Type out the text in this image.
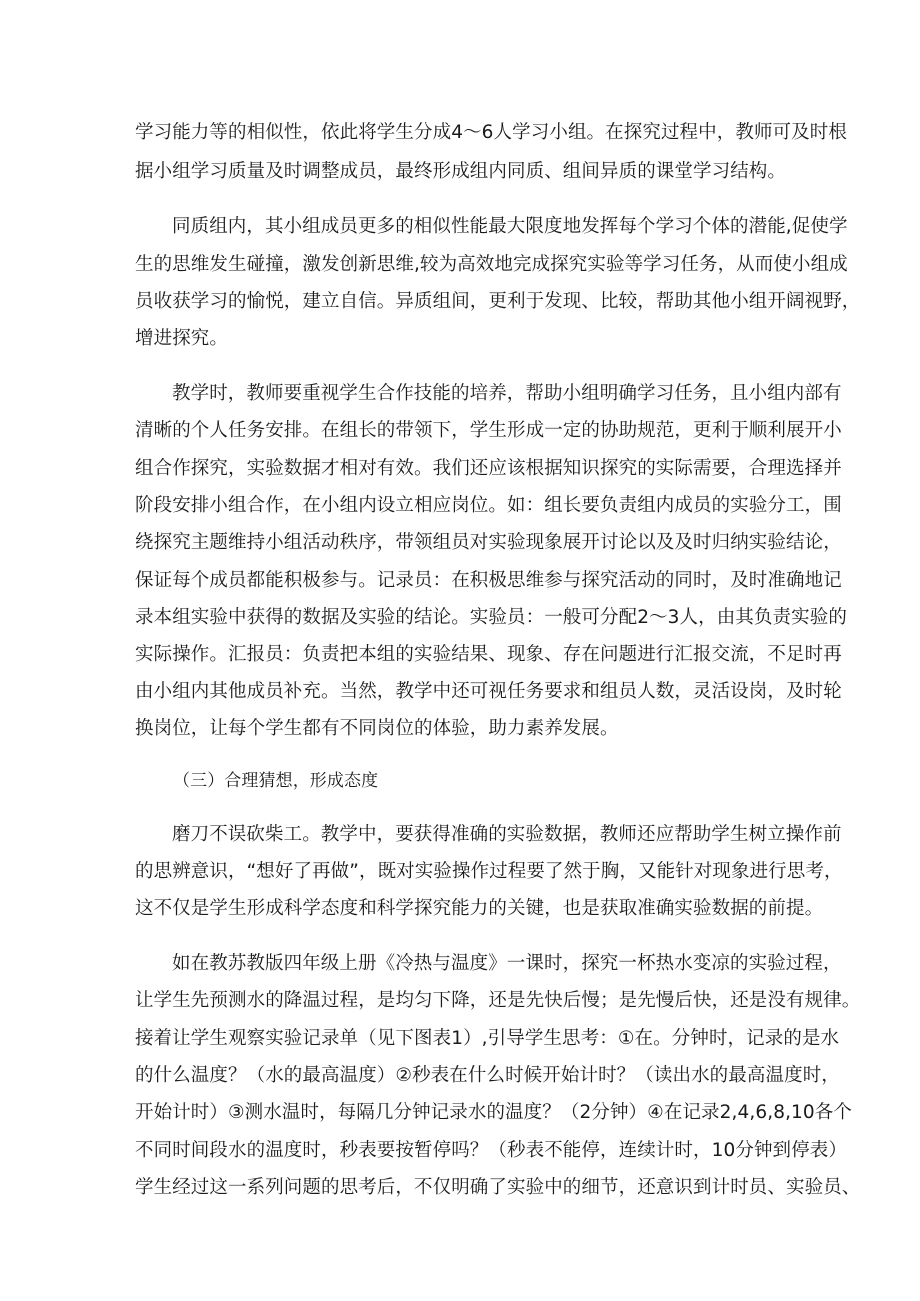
学习能力等的相似性，依此将学生分成4～6人学习小组。在探究过程中，教师可及时根
据小组学习质量及时调整成员，最终形成组内同质、组间异质的课堂学习结构。
同质组内，其小组成员更多的相似性能最大限度地发挥每个学习个体的潜能,促使学
生的思维发生碰撞，激发创新思维,较为高效地完成探究实验等学习任务，从而使小组成
员收获学习的愉悦，建立自信。异质组间，更利于发现、比较，帮助其他小组开阔视野，
增进探究。
教学时，教师要重视学生合作技能的培养，帮助小组明确学习任务，且小组内部有
清晰的个人任务安排。在组长的带领下，学生形成一定的协助规范，更利于顺利展开小
组合作探究，实验数据才相对有效。我们还应该根据知识探究的实际需要，合理选择并
阶段安排小组合作，在小组内设立相应岗位。如：组长要负责组内成员的实验分工，围
绕探究主题维持小组活动秩序，带领组员对实验现象展开讨论以及及时归纳实验结论，
保证每个成员都能积极参与。记录员：在积极思维参与探究活动的同时，及时准确地记
录本组实验中获得的数据及实验的结论。实验员：一般可分配2～3人，由其负责实验的
实际操作。汇报员：负责把本组的实验结果、现象、存在问题进行汇报交流，不足时再
由小组内其他成员补充。当然，教学中还可视任务要求和组员人数，灵活设岗，及时轮
换岗位，让每个学生都有不同岗位的体验，助力素养发展。
（三）合理猜想，形成态度
磨刀不误砍柴工。教学中，要获得准确的实验数据，教师还应帮助学生树立操作前
的思辨意识，“想好了再做”，既对实验操作过程要了然于胸，又能针对现象进行思考，
这不仅是学生形成科学态度和科学探究能力的关键，也是获取准确实验数据的前提。
如在教苏教版四年级上册《冷热与温度》一课时，探究一杯热水变凉的实验过程，
让学生先预测水的降温过程，是均匀下降，还是先快后慢；是先慢后快，还是没有规律。
接着让学生观察实验记录单（见下图表1）,引导学生思考：①在。分钟时，记录的是水
的什么温度？（水的最高温度）②秒表在什么时候开始计时？（读出水的最高温度时，
开始计时）③测水温时，每隔几分钟记录水的温度？（2分钟）④在记录2,4,6,8,10各个
不同时间段水的温度时，秒表要按暂停吗？（秒表不能停，连续计时，10分钟到停表）
学生经过这一系列问题的思考后，不仅明确了实验中的细节，还意识到计时员、实验员、
